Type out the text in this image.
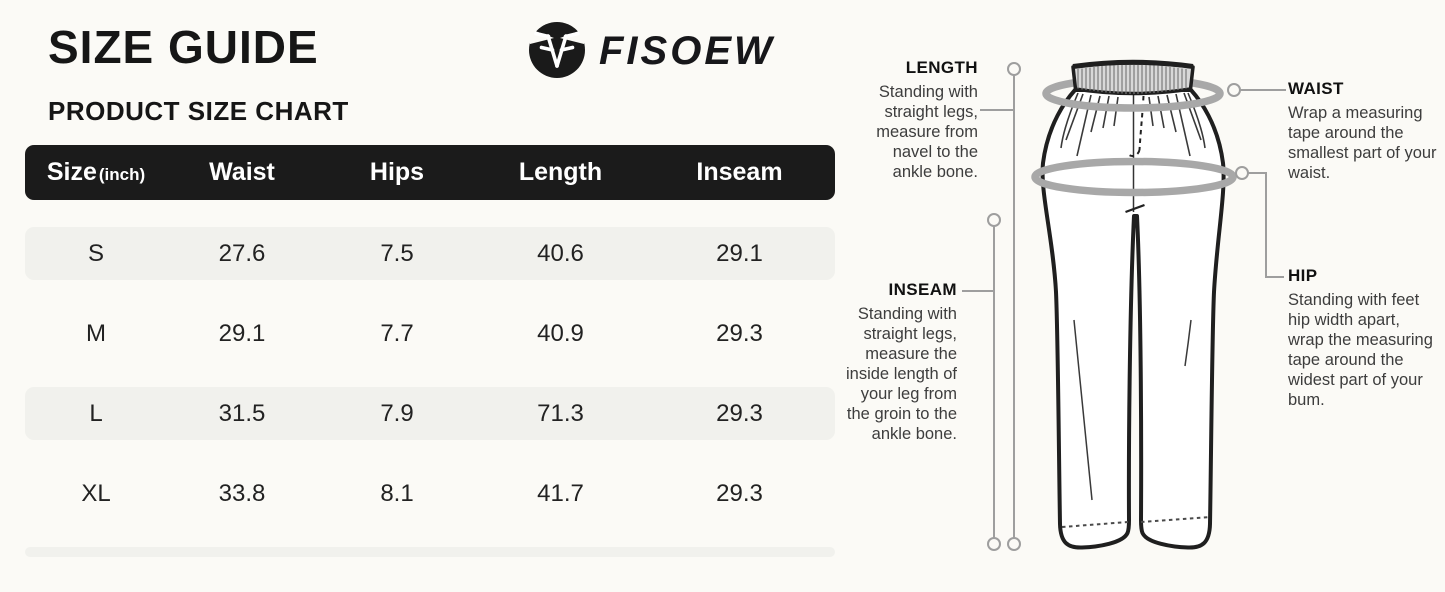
SIZE GUIDE	FISOEW
PRODUCT SIZE CHART
Size (inch)	Waist	Hips	Length	Inseam
S	27.6	7.5	40.6	29.1
M	29.1	7.7	40.9	29.3
L	31.5	7.9	71.3	29.3
XL	33.8	8.1	41.7	29.3
LENGTH
Standing with straight legs, measure from navel to the ankle bone.
INSEAM
Standing with straight legs, measure the inside length of your leg from the groin to the ankle bone.
WAIST
Wrap a measuring tape around the smallest part of your waist.
HIP
Standing with feet hip width apart, wrap the measuring tape around the widest part of your bum.
